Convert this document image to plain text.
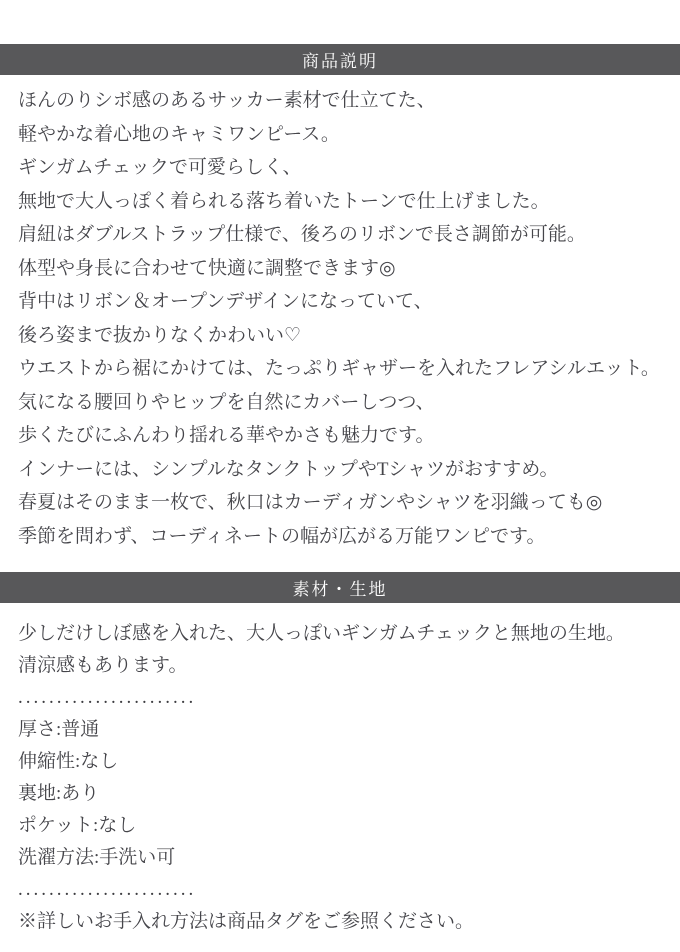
商品説明

ほんのりシボ感のあるサッカー素材で仕立てた、

軽やかな着心地のキャミワンピース。

ギンガムチェックで可愛らしく、

無地で大人っぽく着られる落ち着いたトーンで仕上げました。

肩紐はダブルストラップ仕様で、後ろのリボンで長さ調節が可能。

体型や身長に合わせて快適に調整できます◎

背中はリボン＆オープンデザインになっていて、

後ろ姿まで抜かりなくかわいい♡

ウエストから裾にかけては、たっぷりギャザーを入れたフレアシルエット。

気になる腰回りやヒップを自然にカバーしつつ、

歩くたびにふんわり揺れる華やかさも魅力です。

インナーには、シンプルなタンクトップやTシャツがおすすめ。

春夏はそのまま一枚で、秋口はカーディガンやシャツを羽織っても◎

季節を問わず、コーディネートの幅が広がる万能ワンピです。

素材・生地

少しだけしぼ感を入れた、大人っぽいギンガムチェックと無地の生地。

清涼感もあります。

.......................

厚さ:普通

伸縮性:なし

裏地:あり

ポケット:なし

洗濯方法:手洗い可

.......................

※詳しいお手入れ方法は商品タグをご参照ください。
